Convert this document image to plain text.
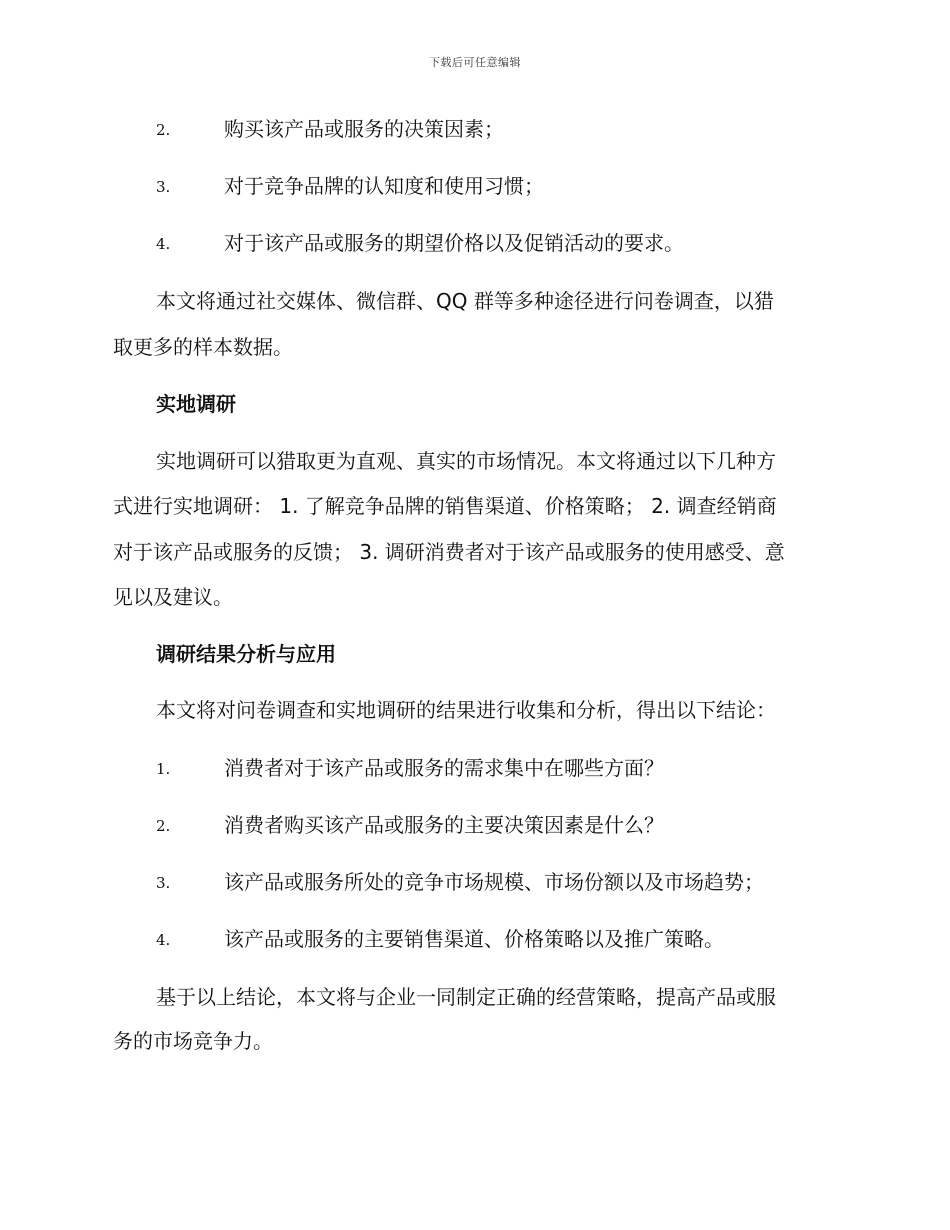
下载后可任意编辑
2.	购买该产品或服务的决策因素；
3.	对于竞争品牌的认知度和使用习惯；
4.	对于该产品或服务的期望价格以及促销活动的要求。
本文将通过社交媒体、微信群、QQ 群等多种途径进行问卷调查，以猎
取更多的样本数据。
实地调研
实地调研可以猎取更为直观、真实的市场情况。本文将通过以下几种方
式进行实地调研： 1. 了解竞争品牌的销售渠道、价格策略； 2. 调查经销商
对于该产品或服务的反馈； 3. 调研消费者对于该产品或服务的使用感受、意
见以及建议。
调研结果分析与应用
本文将对问卷调查和实地调研的结果进行收集和分析，得出以下结论：
1.	消费者对于该产品或服务的需求集中在哪些方面？
2.	消费者购买该产品或服务的主要决策因素是什么？
3.	该产品或服务所处的竞争市场规模、市场份额以及市场趋势；
4.	该产品或服务的主要销售渠道、价格策略以及推广策略。
基于以上结论，本文将与企业一同制定正确的经营策略，提高产品或服
务的市场竞争力。
